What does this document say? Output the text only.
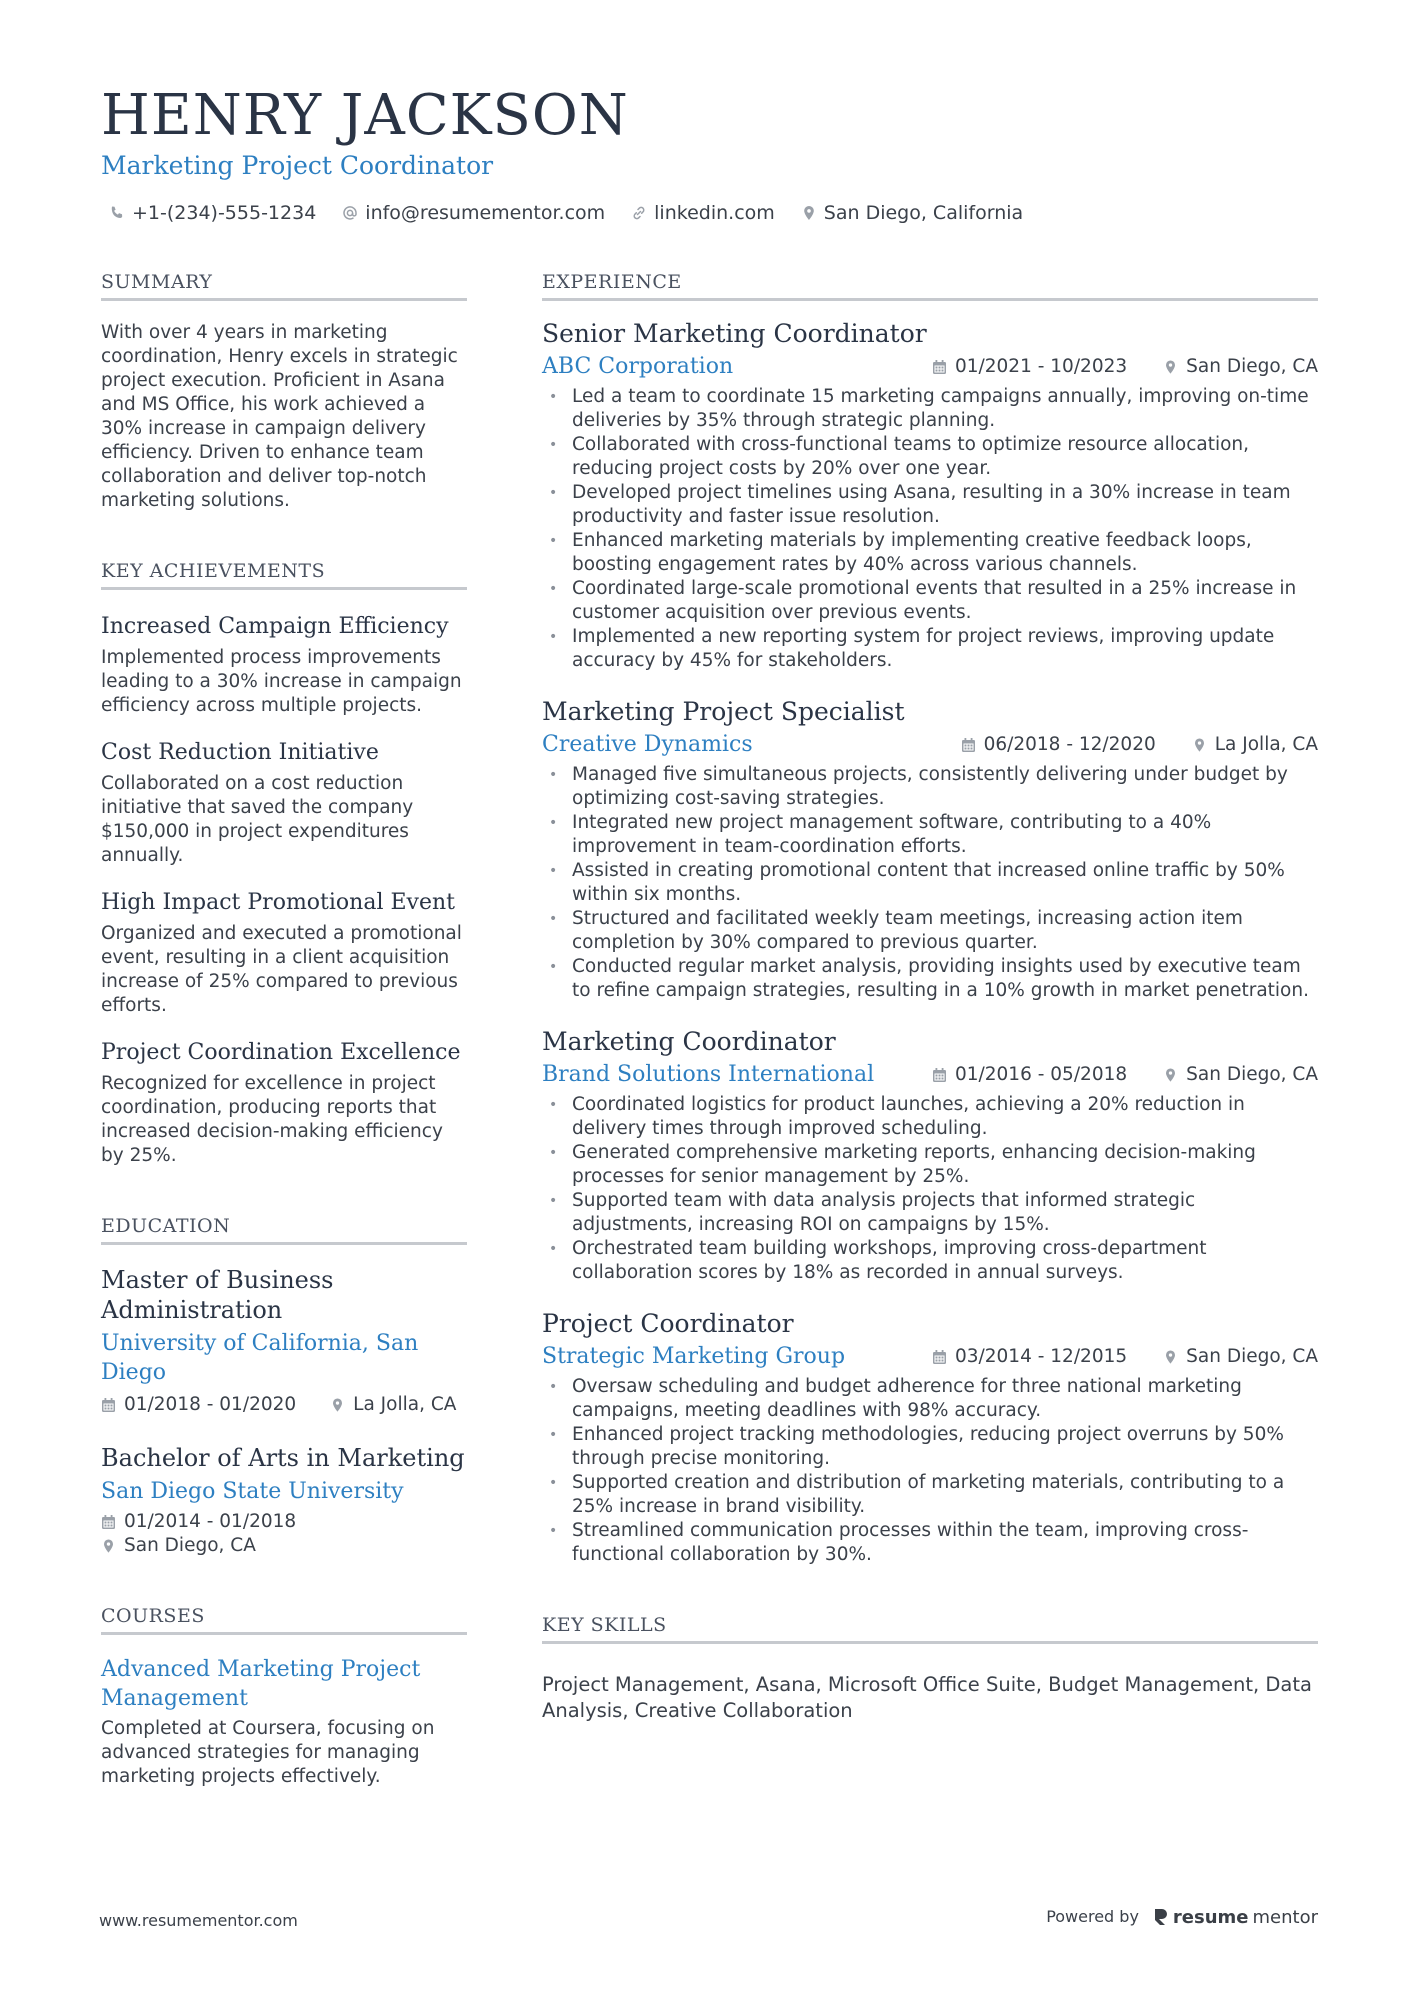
HENRY JACKSON
Marketing Project Coordinator
+1-(234)-555-1234	info@resumementor.com	linkedin.com	San Diego, California
SUMMARY
With over 4 years in marketing coordination, Henry excels in strategic project execution. Proficient in Asana and MS Office, his work achieved a 30% increase in campaign delivery efficiency. Driven to enhance team collaboration and deliver top-notch marketing solutions.
KEY ACHIEVEMENTS
Increased Campaign Efficiency
Implemented process improvements leading to a 30% increase in campaign efficiency across multiple projects.
Cost Reduction Initiative
Collaborated on a cost reduction initiative that saved the company $150,000 in project expenditures annually.
High Impact Promotional Event
Organized and executed a promotional event, resulting in a client acquisition increase of 25% compared to previous efforts.
Project Coordination Excellence
Recognized for excellence in project coordination, producing reports that increased decision-making efficiency by 25%.
EDUCATION
Master of Business Administration
University of California, San Diego
01/2018 - 01/2020	La Jolla, CA
Bachelor of Arts in Marketing
San Diego State University
01/2014 - 01/2018
San Diego, CA
COURSES
Advanced Marketing Project Management
Completed at Coursera, focusing on advanced strategies for managing marketing projects effectively.
EXPERIENCE
Senior Marketing Coordinator
ABC Corporation	01/2021 - 10/2023	San Diego, CA
• Led a team to coordinate 15 marketing campaigns annually, improving on-time deliveries by 35% through strategic planning.
• Collaborated with cross-functional teams to optimize resource allocation, reducing project costs by 20% over one year.
• Developed project timelines using Asana, resulting in a 30% increase in team productivity and faster issue resolution.
• Enhanced marketing materials by implementing creative feedback loops, boosting engagement rates by 40% across various channels.
• Coordinated large-scale promotional events that resulted in a 25% increase in customer acquisition over previous events.
• Implemented a new reporting system for project reviews, improving update accuracy by 45% for stakeholders.
Marketing Project Specialist
Creative Dynamics	06/2018 - 12/2020	La Jolla, CA
• Managed five simultaneous projects, consistently delivering under budget by optimizing cost-saving strategies.
• Integrated new project management software, contributing to a 40% improvement in team-coordination efforts.
• Assisted in creating promotional content that increased online traffic by 50% within six months.
• Structured and facilitated weekly team meetings, increasing action item completion by 30% compared to previous quarter.
• Conducted regular market analysis, providing insights used by executive team to refine campaign strategies, resulting in a 10% growth in market penetration.
Marketing Coordinator
Brand Solutions International	01/2016 - 05/2018	San Diego, CA
• Coordinated logistics for product launches, achieving a 20% reduction in delivery times through improved scheduling.
• Generated comprehensive marketing reports, enhancing decision-making processes for senior management by 25%.
• Supported team with data analysis projects that informed strategic adjustments, increasing ROI on campaigns by 15%.
• Orchestrated team building workshops, improving cross-department collaboration scores by 18% as recorded in annual surveys.
Project Coordinator
Strategic Marketing Group	03/2014 - 12/2015	San Diego, CA
• Oversaw scheduling and budget adherence for three national marketing campaigns, meeting deadlines with 98% accuracy.
• Enhanced project tracking methodologies, reducing project overruns by 50% through precise monitoring.
• Supported creation and distribution of marketing materials, contributing to a 25% increase in brand visibility.
• Streamlined communication processes within the team, improving cross-functional collaboration by 30%.
KEY SKILLS
Project Management, Asana, Microsoft Office Suite, Budget Management, Data Analysis, Creative Collaboration
www.resumementor.com	Powered by resume mentor
